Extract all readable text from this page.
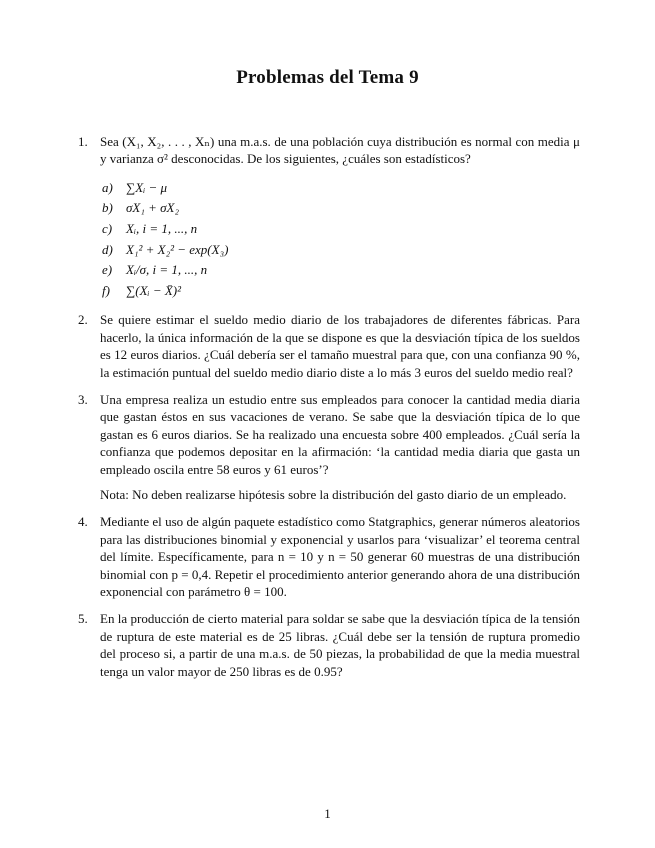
Problemas del Tema 9
1. Sea (X₁, X₂, . . . , Xₙ) una m.a.s. de una población cuya distribución es normal con media μ y varianza σ² desconocidas. De los siguientes, ¿cuáles son estadísticos?
a)	∑Xᵢ − μ
b)	σX₁ + σX₂
c)	Xᵢ, i = 1, ..., n
d)	X₁² + X₂² − exp(X₃)
e)	Xᵢ/σ, i = 1, ..., n
f)	∑(Xᵢ − X̄)²
2. Se quiere estimar el sueldo medio diario de los trabajadores de diferentes fábricas. Para hacerlo, la única información de la que se dispone es que la desviación típica de los sueldos es 12 euros diarios. ¿Cuál debería ser el tamaño muestral para que, con una confianza 90 %, la estimación puntual del sueldo medio diario diste a lo más 3 euros del sueldo medio real?
3. Una empresa realiza un estudio entre sus empleados para conocer la cantidad media diaria que gastan éstos en sus vacaciones de verano. Se sabe que la desviación típica de lo que gastan es 6 euros diarios. Se ha realizado una encuesta sobre 400 empleados. ¿Cuál sería la confianza que podemos depositar en la afirmación: ‘la cantidad media diaria que gasta un empleado oscila entre 58 euros y 61 euros’?
Nota: No deben realizarse hipótesis sobre la distribución del gasto diario de un empleado.
4. Mediante el uso de algún paquete estadístico como Statgraphics, generar números aleatorios para las distribuciones binomial y exponencial y usarlos para ‘visualizar’ el teorema central del límite. Específicamente, para n = 10 y n = 50 generar 60 muestras de una distribución binomial con p = 0,4. Repetir el procedimiento anterior generando ahora de una distribución exponencial con parámetro θ = 100.
5. En la producción de cierto material para soldar se sabe que la desviación típica de la tensión de ruptura de este material es de 25 libras. ¿Cuál debe ser la tensión de ruptura promedio del proceso si, a partir de una m.a.s. de 50 piezas, la probabilidad de que la media muestral tenga un valor mayor de 250 libras es de 0.95?
1
